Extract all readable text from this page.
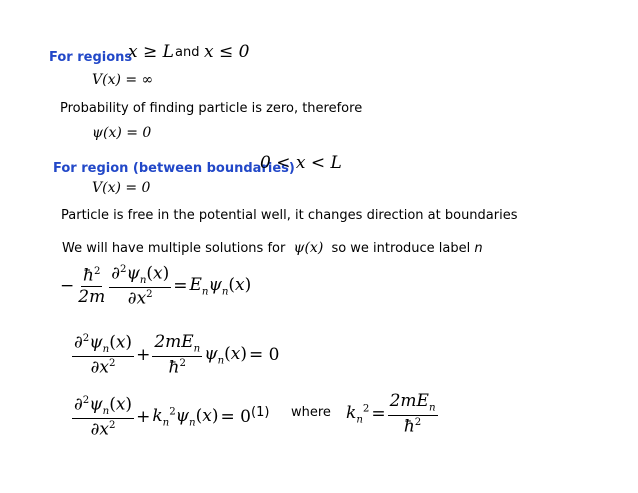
For regions
x ≥ L and x ≤ 0
V(x) = ∞
Probability of finding particle is zero, therefore
ψ(x) = 0
For region (between boundaries)
0 < x < L
V(x) = 0
Particle is free in the potential well, it changes direction at boundaries
We will have multiple solutions for ψ(x) so we introduce label n
− $\frac{ħ^2}{2m} \frac{\partial^2\psi_n(x)}{\partial x^2} = E_n\psi_n(x)$
$\frac{\partial^2\psi_n(x)}{\partial x^2} + \frac{2mE_n}{ħ^2} \psi_n(x) = 0$
$\frac{\partial^2\psi_n(x)}{\partial x^2} + k_n^2\psi_n(x) = 0$ (1) where $k_n^2 = \frac{2mE_n}{ħ^2}$
